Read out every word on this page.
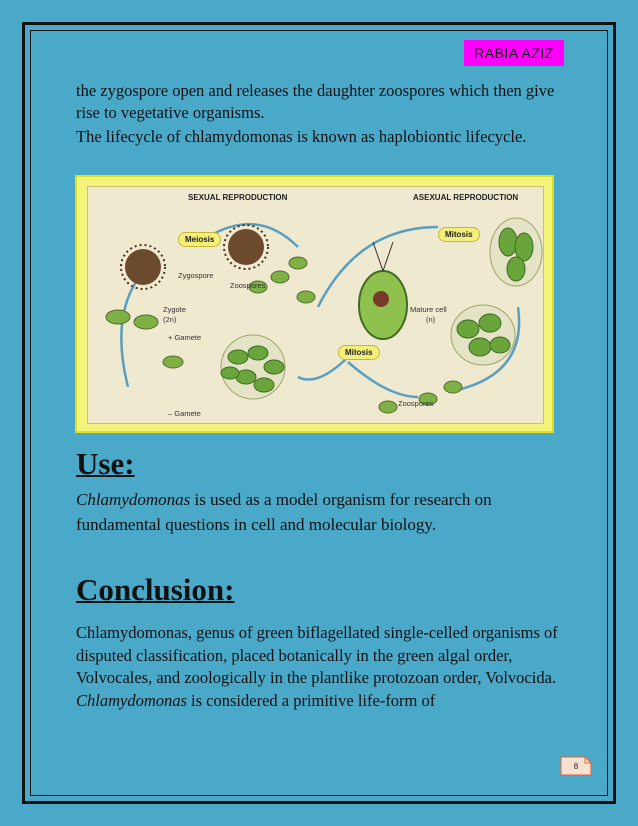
RABIA AZIZ

the zygospore open and releases the daughter zoospores which then give rise to vegetative organisms.

The lifecycle of chlamydomonas is known as haplobiontic lifecycle.

SEXUAL REPRODUCTION	ASEXUAL REPRODUCTION
Meiosis
Mitosis
Mitosis
Zygospore
Zoospores
Zygote
(2n)
+ Gamete
– Gamete
Mature cell
(n)
Zoospores
Use:
Chlamydomonas is used as a model organism for research on fundamental questions in cell and molecular biology.
Conclusion:
Chlamydomonas, genus of green biflagellated single-celled organisms of disputed classification, placed botanically in the green algal order, Volvocales, and zoologically in the plantlike protozoan order, Volvocida.
Chlamydomonas is considered a primitive life-form of
8
